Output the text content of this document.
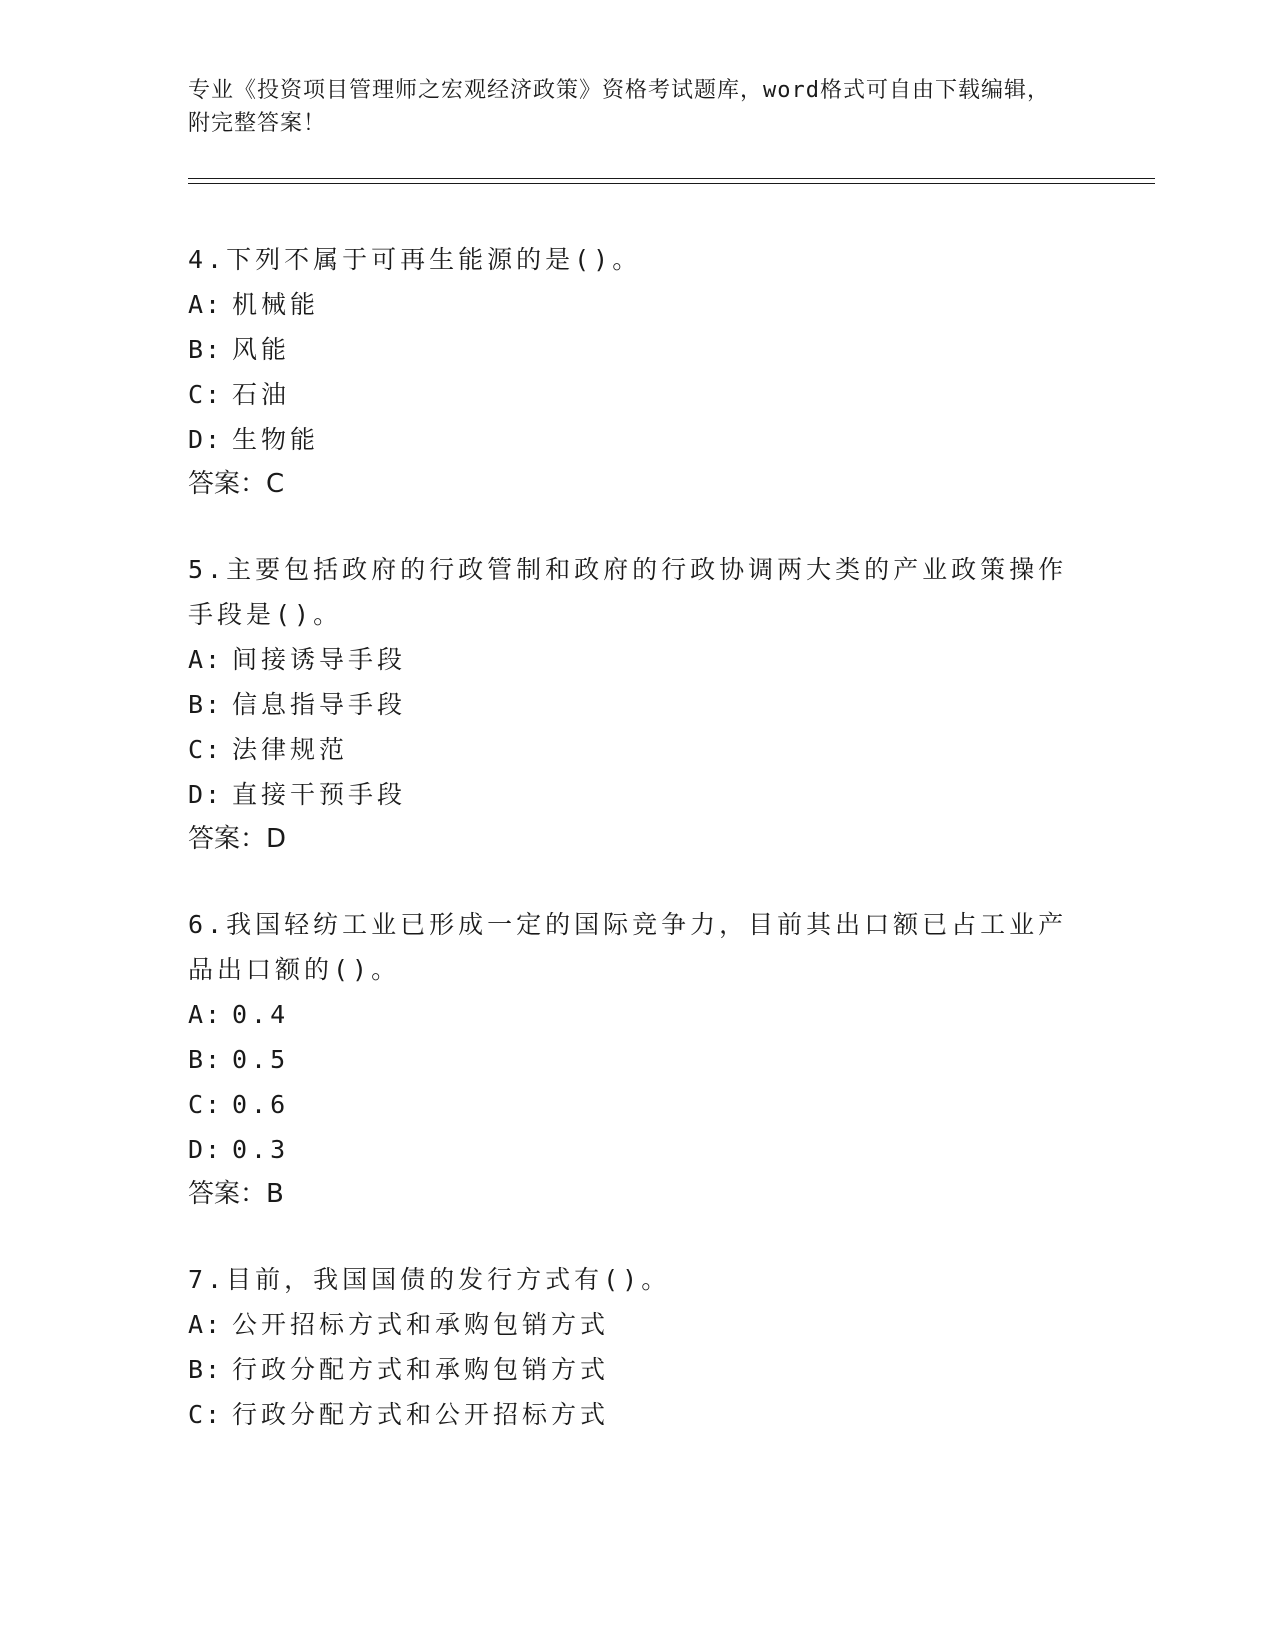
专业《投资项目管理师之宏观经济政策》资格考试题库，word格式可自由下载编辑，附完整答案！

4.下列不属于可再生能源的是()。

A: 机械能

B: 风能

C: 石油

D: 生物能

答案：C

5.主要包括政府的行政管制和政府的行政协调两大类的产业政策操作手段是()。

A: 间接诱导手段

B: 信息指导手段

C: 法律规范

D: 直接干预手段

答案：D

6.我国轻纺工业已形成一定的国际竞争力，目前其出口额已占工业产品出口额的()。

A: 0.4

B: 0.5

C: 0.6

D: 0.3

答案：B

7.目前，我国国债的发行方式有()。

A: 公开招标方式和承购包销方式

B: 行政分配方式和承购包销方式

C: 行政分配方式和公开招标方式
